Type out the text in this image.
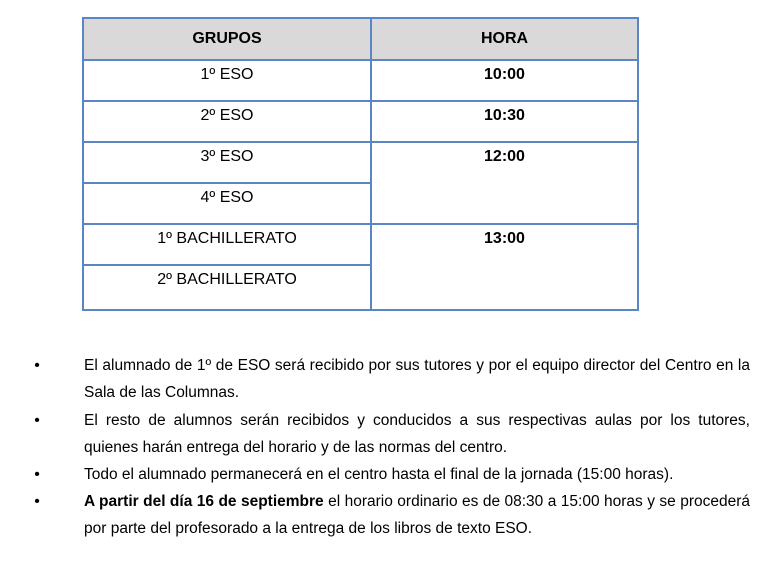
GRUPOS	HORA
1º ESO	10:00
2º ESO	10:30
3º ESO	12:00
4º ESO	
1º BACHILLERATO	13:00
2º BACHILLERATO	
•
El alumnado de 1º de ESO será recibido por sus tutores y por el equipo director del Centro en la Sala de las Columnas.
•
El resto de alumnos serán recibidos y conducidos a sus respectivas aulas por los tutores, quienes harán entrega del horario y de las normas del centro.
•
Todo el alumnado permanecerá en el centro hasta el final de la jornada (15:00 horas).
•
A partir del día 16 de septiembre el horario ordinario es de 08:30 a 15:00 horas y se procederá por parte del profesorado a la entrega de los libros de texto ESO.
